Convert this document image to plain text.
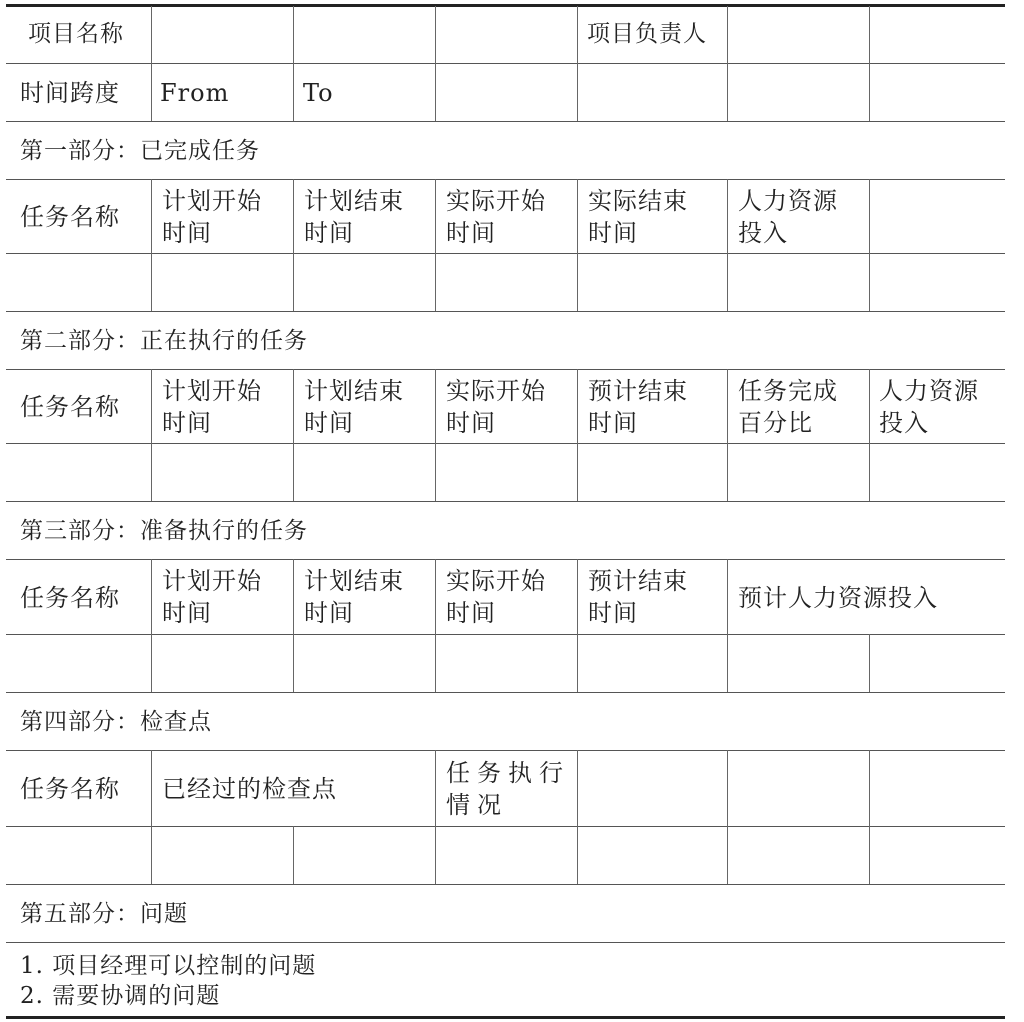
项目名称	项目负责人
时间跨度 From	To
第一部分：已完成任务
任务名称
计划开始时间
计划结束时间
实际开始时间
实际结束时间
人力资源投入
第二部分：正在执行的任务
任务名称
计划开始时间
计划结束时间
实际开始时间
预计结束时间
任务完成百分比
人力资源投入
第三部分：准备执行的任务
任务名称
计划开始时间
计划结束时间
实际开始时间
预计结束时间
预计人力资源投入
第四部分：检查点
任务名称 已经过的检查点
任务执行情况
第五部分：问题
1. 项目经理可以控制的问题
2. 需要协调的问题
